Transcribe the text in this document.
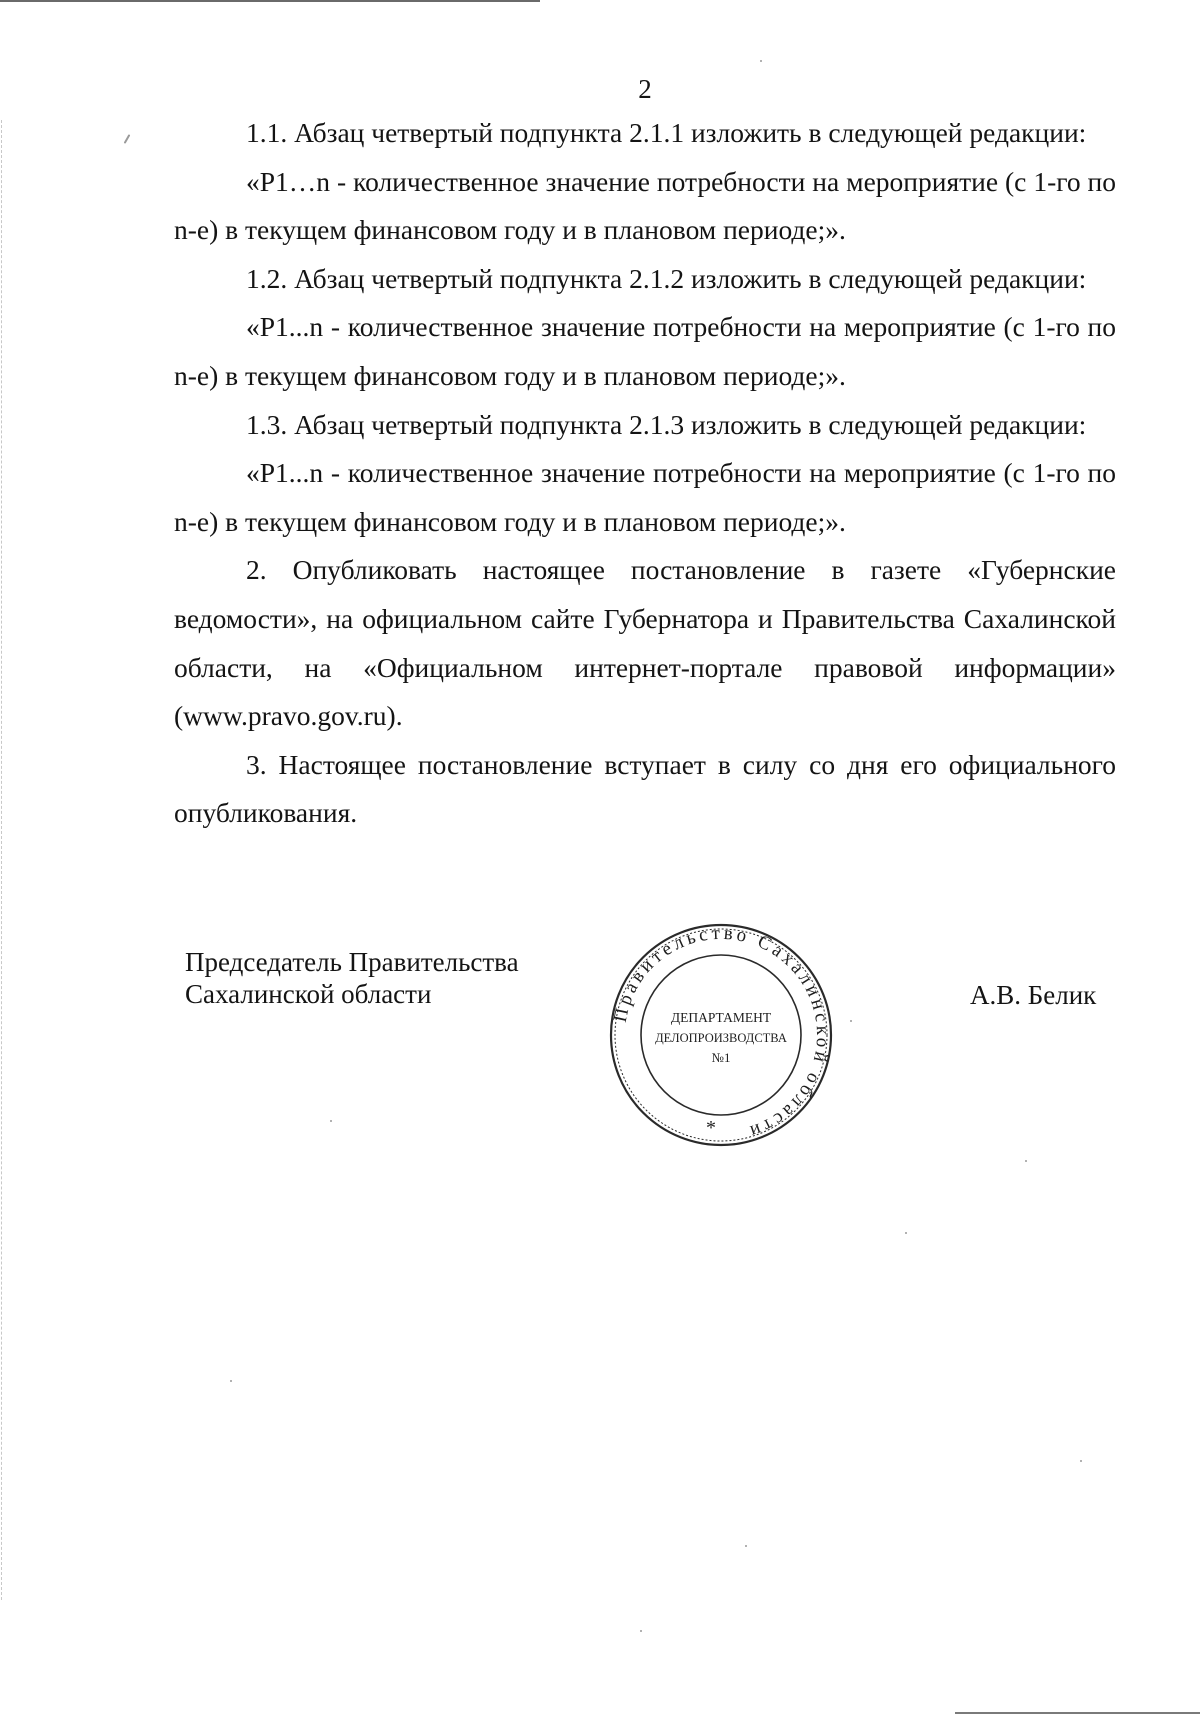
2

1.1. Абзац четвертый подпункта 2.1.1 изложить в следующей редакции:

«P1…n - количественное значение потребности на мероприятие (с 1-го по n-е) в текущем финансовом году и в плановом периоде;».

1.2. Абзац четвертый подпункта 2.1.2 изложить в следующей редакции:

«P1...n - количественное значение потребности на мероприятие (с 1-го по n-е) в текущем финансовом году и в плановом периоде;».

1.3. Абзац четвертый подпункта 2.1.3 изложить в следующей редакции:

«P1...n - количественное значение потребности на мероприятие (с 1-го по n-е) в текущем финансовом году и в плановом периоде;».

2. Опубликовать настоящее постановление в газете «Губернские ведомости», на официальном сайте Губернатора и Правительства Сахалинской области, на «Официальном интернет-портале правовой информации» (www.pravo.gov.ru).

3. Настоящее постановление вступает в силу со дня его официального опубликования.

Председатель Правительства
Сахалинской области
Правительство Сахалинской области
ДЕПАРТАМЕНТ
ДЕЛОПРОИЗВОДСТВА
№1
*
А.В. Белик
